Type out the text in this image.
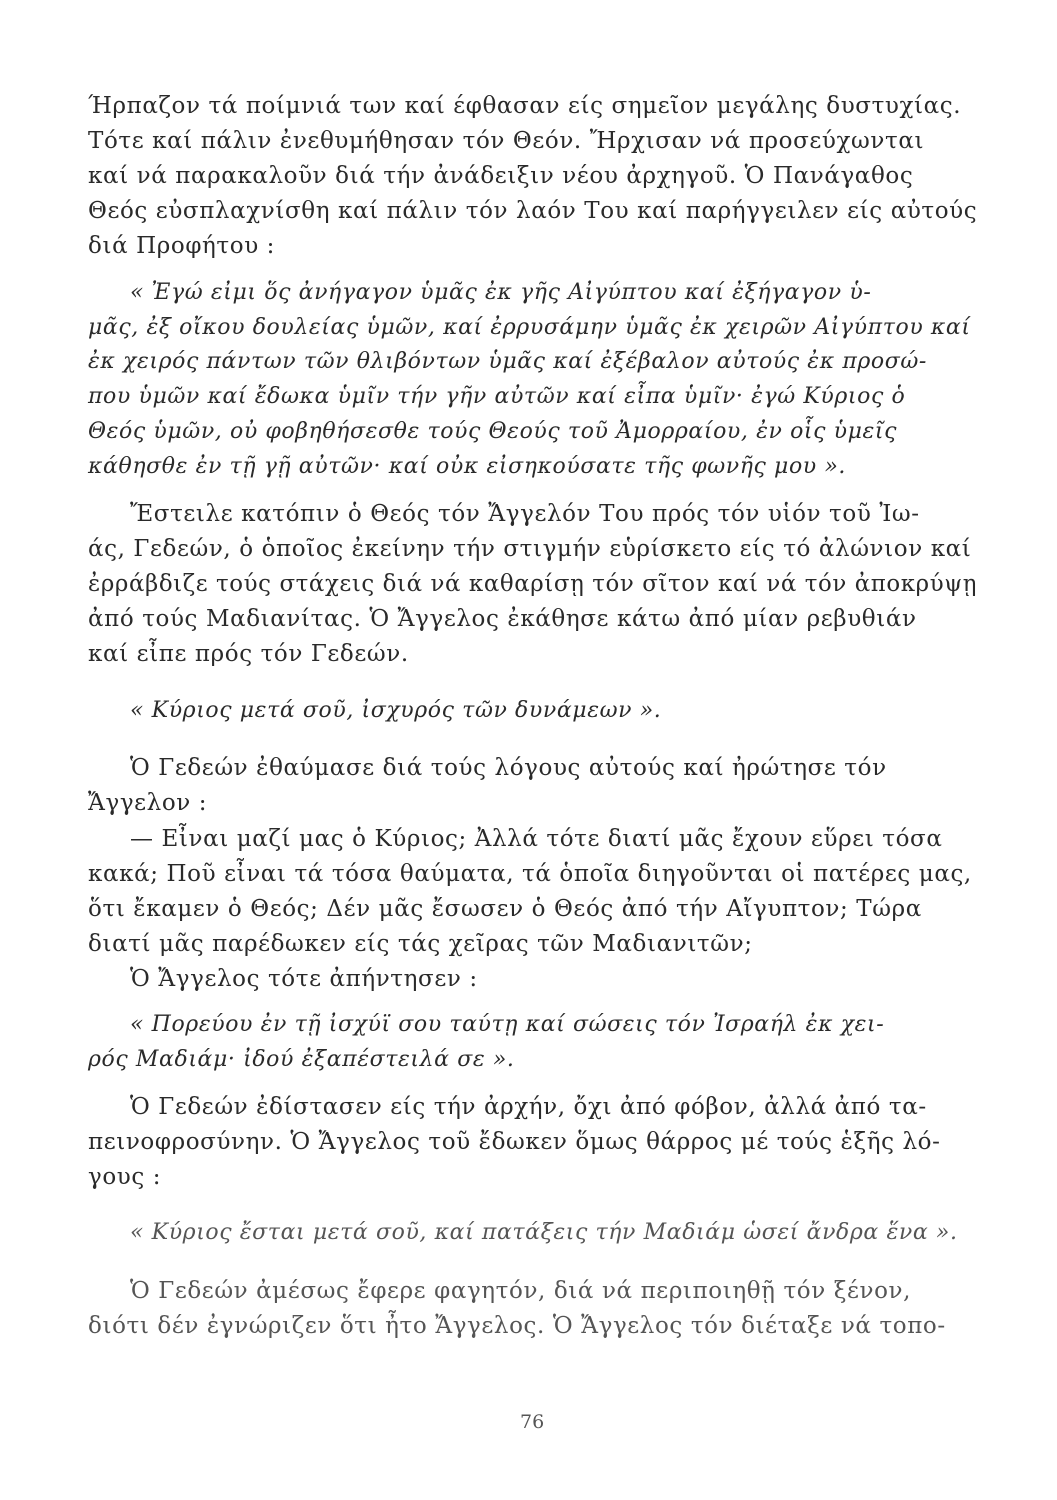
Ήρπαζον τά ποίμνιά των καί έφθασαν είς σημεῖον μεγάλης δυστυχίας.
Τότε καί πάλιν ἐνεθυμήθησαν τόν Θεόν. Ἤρχισαν νά προσεύχωνται
καί νά παρακαλοῦν διά τήν ἀνάδειξιν νέου ἀρχηγοῦ. Ὁ Πανάγαθος
Θεός εὐσπλαχνίσθη καί πάλιν τόν λαόν Του καί παρήγγειλεν είς αὐτούς
διά Προφήτου :
« Ἐγώ εἰμι ὅς ἀνήγαγον ὑμᾶς ἐκ γῆς Αἰγύπτου καί ἐξήγαγον ὑ-
μᾶς, ἐξ οἴκου δουλείας ὑμῶν, καί ἐρρυσάμην ὑμᾶς ἐκ χειρῶν Αἰγύπτου καί
ἐκ χειρός πάντων τῶν θλιβόντων ὑμᾶς καί ἐξέβαλον αὐτούς ἐκ προσώ-
που ὑμῶν καί ἔδωκα ὑμῖν τήν γῆν αὐτῶν καί εἶπα ὑμῖν· ἐγώ Κύριος ὁ
Θεός ὑμῶν, οὐ φοβηθήσεσθε τούς Θεούς τοῦ Ἀμορραίου, ἐν οἷς ὑμεῖς
κάθησθε ἐν τῇ γῇ αὐτῶν· καί οὐκ εἰσηκούσατε τῆς φωνῆς μου ».
Ἔστειλε κατόπιν ὁ Θεός τόν Ἄγγελόν Του πρός τόν υἱόν τοῦ Ἰω-
άς, Γεδεών, ὁ ὁποῖος ἐκείνην τήν στιγμήν εὑρίσκετο είς τό ἀλώνιον καί
ἐρράβδιζε τούς στάχεις διά νά καθαρίσῃ τόν σῖτον καί νά τόν ἀποκρύψῃ
ἀπό τούς Μαδιανίτας. Ὁ Ἄγγελος ἐκάθησε κάτω ἀπό μίαν ρεβυθιάν
καί εἶπε πρός τόν Γεδεών.
« Κύριος μετά σοῦ, ἰσχυρός τῶν δυνάμεων ».
Ὁ Γεδεών ἐθαύμασε διά τούς λόγους αὐτούς καί ἠρώτησε τόν
Ἄγγελον :
— Εἶναι μαζί μας ὁ Κύριος; Ἀλλά τότε διατί μᾶς ἔχουν εὕρει τόσα
κακά; Ποῦ εἶναι τά τόσα θαύματα, τά ὁποῖα διηγοῦνται οἱ πατέρες μας,
ὅτι ἔκαμεν ὁ Θεός; Δέν μᾶς ἔσωσεν ὁ Θεός ἀπό τήν Αἴγυπτον; Τώρα
διατί μᾶς παρέδωκεν είς τάς χεῖρας τῶν Μαδιανιτῶν;
Ὁ Ἄγγελος τότε ἀπήντησεν :
« Πορεύου ἐν τῇ ἰσχύϊ σου ταύτῃ καί σώσεις τόν Ἰσραήλ ἐκ χει-
ρός Μαδιάμ· ἰδού ἐξαπέστειλά σε ».
Ὁ Γεδεών ἐδίστασεν είς τήν ἀρχήν, ὄχι ἀπό φόβον, ἀλλά ἀπό τα-
πεινοφροσύνην. Ὁ Ἄγγελος τοῦ ἔδωκεν ὅμως θάρρος μέ τούς ἑξῆς λό-
γους :
« Κύριος ἔσται μετά σοῦ, καί πατάξεις τήν Μαδιάμ ὡσεί ἄνδρα ἕνα ».
Ὁ Γεδεών ἀμέσως ἔφερε φαγητόν, διά νά περιποιηθῇ τόν ξένον,
διότι δέν ἐγνώριζεν ὅτι ἦτο Ἄγγελος. Ὁ Ἄγγελος τόν διέταξε νά τοπο-
76
